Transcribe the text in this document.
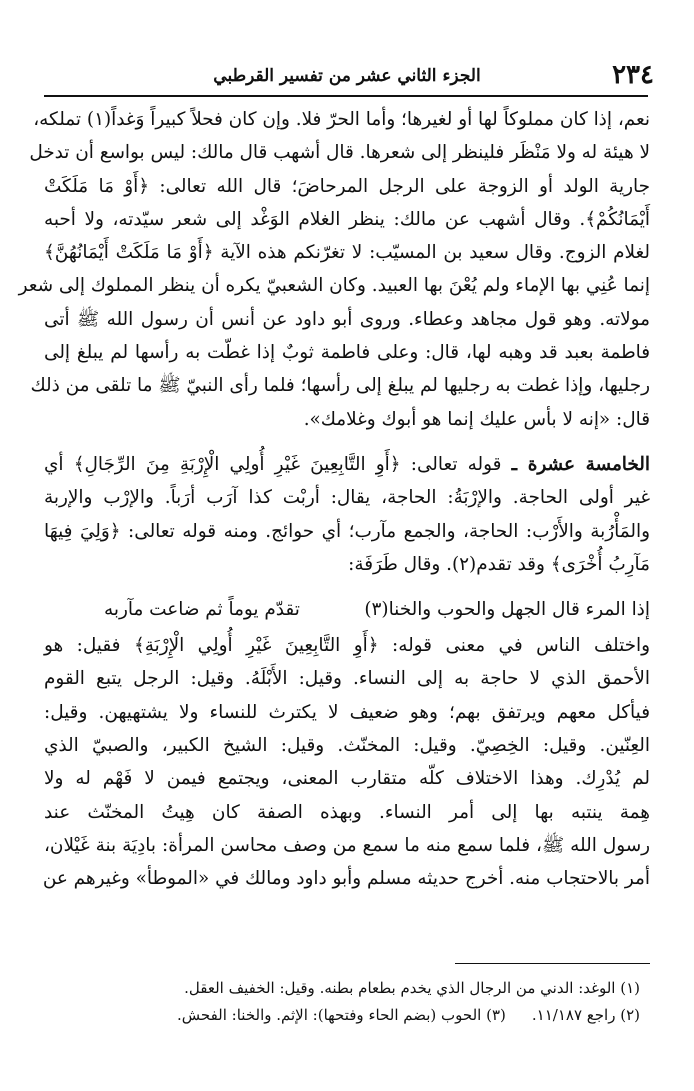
٢٣٤
الجزء الثاني عشر من تفسير القرطبي
نعم، إذا كان مملوكاً لها أو لغيرها؛ وأما الحرّ فلا. وإن كان فحلاً كبيراً وَغداً(١) تملكه،
لا هيئة له ولا مَنْظَر فلينظر إلى شعرها. قال أشهب قال مالك: ليس بواسع أن تدخل
جارية الولد أو الزوجة على الرجل المرحاضَ؛ قال الله تعالى: ﴿أَوْ مَا مَلَكَتْ
أَيْمَانُكُمْ﴾. وقال أشهب عن مالك: ينظر الغلام الوَغْد إلى شعر سيّدته، ولا أحبه
لغلام الزوج. وقال سعيد بن المسيّب: لا تغرّنكم هذه الآية ﴿أَوْ مَا مَلَكَتْ أَيْمَانُهُنَّ﴾
إنما عُنِي بها الإماء ولم يُعْنَ بها العبيد. وكان الشعبيّ يكره أن ينظر المملوك إلى شعر
مولاته. وهو قول مجاهد وعطاء. وروى أبو داود عن أنس أن رسول الله ﷺ أتى
فاطمة بعبد قد وهبه لها، قال: وعلى فاطمة ثوبٌ إذا غطّت به رأسها لم يبلغ إلى
رجليها، وإذا غطت به رجليها لم يبلغ إلى رأسها؛ فلما رأى النبيّ ﷺ ما تلقى من ذلك
قال: «إنه لا بأس عليك إنما هو أبوك وغلامك».
الخامسة عشرة ـ قوله تعالى: ﴿أَوِ التَّابِعِينَ غَيْرِ أُولِي الْإِرْبَةِ مِنَ الرِّجَالِ﴾ أي
غير أولى الحاجة. والإرْبَةُ: الحاجة، يقال: أربْت كذا آرَب أرَباً. والإرْب والإربة
والمَأْرُبة والأَرْب: الحاجة، والجمع مآرب؛ أي حوائج. ومنه قوله تعالى: ﴿وَلِيَ فِيهَا
مَآرِبُ أُخْرَى﴾ وقد تقدم(٢). وقال طَرَفَة:
إذا المرء قال الجهل والحوب والخنا(٣)
تقدّم يوماً ثم ضاعت مآربه
واختلف الناس في معنى قوله: ﴿أَوِ التَّابِعِينَ غَيْرِ أُولِي الْإِرْبَةِ﴾ فقيل: هو
الأحمق الذي لا حاجة به إلى النساء. وقيل: الأَبْلَهُ. وقيل: الرجل يتبع القوم
فيأكل معهم ويرتفق بهم؛ وهو ضعيف لا يكترث للنساء ولا يشتهيهن. وقيل:
العِنّين. وقيل: الخِصِيّ. وقيل: المخنّث. وقيل: الشيخ الكبير، والصبيّ الذي
لم يُدْرِك. وهذا الاختلاف كلّه متقارب المعنى، ويجتمع فيمن لا فَهْم له ولا
هِمة ينتبه بها إلى أمر النساء. وبهذه الصفة كان هِيتُ المخنّث عند
رسول الله ﷺ، فلما سمع منه ما سمع من وصف محاسن المرأة: بادِيَة بنة غَيْلان،
أمر بالاحتجاب منه. أخرج حديثه مسلم وأبو داود ومالك في «الموطأ» وغيرهم عن
(١) الوغد: الدني من الرجال الذي يخدم بطعام بطنه. وقيل: الخفيف العقل.
(٢) راجع ١١/١٨٧.(٣) الحوب (بضم الحاء وفتحها): الإثم. والخنا: الفحش.
